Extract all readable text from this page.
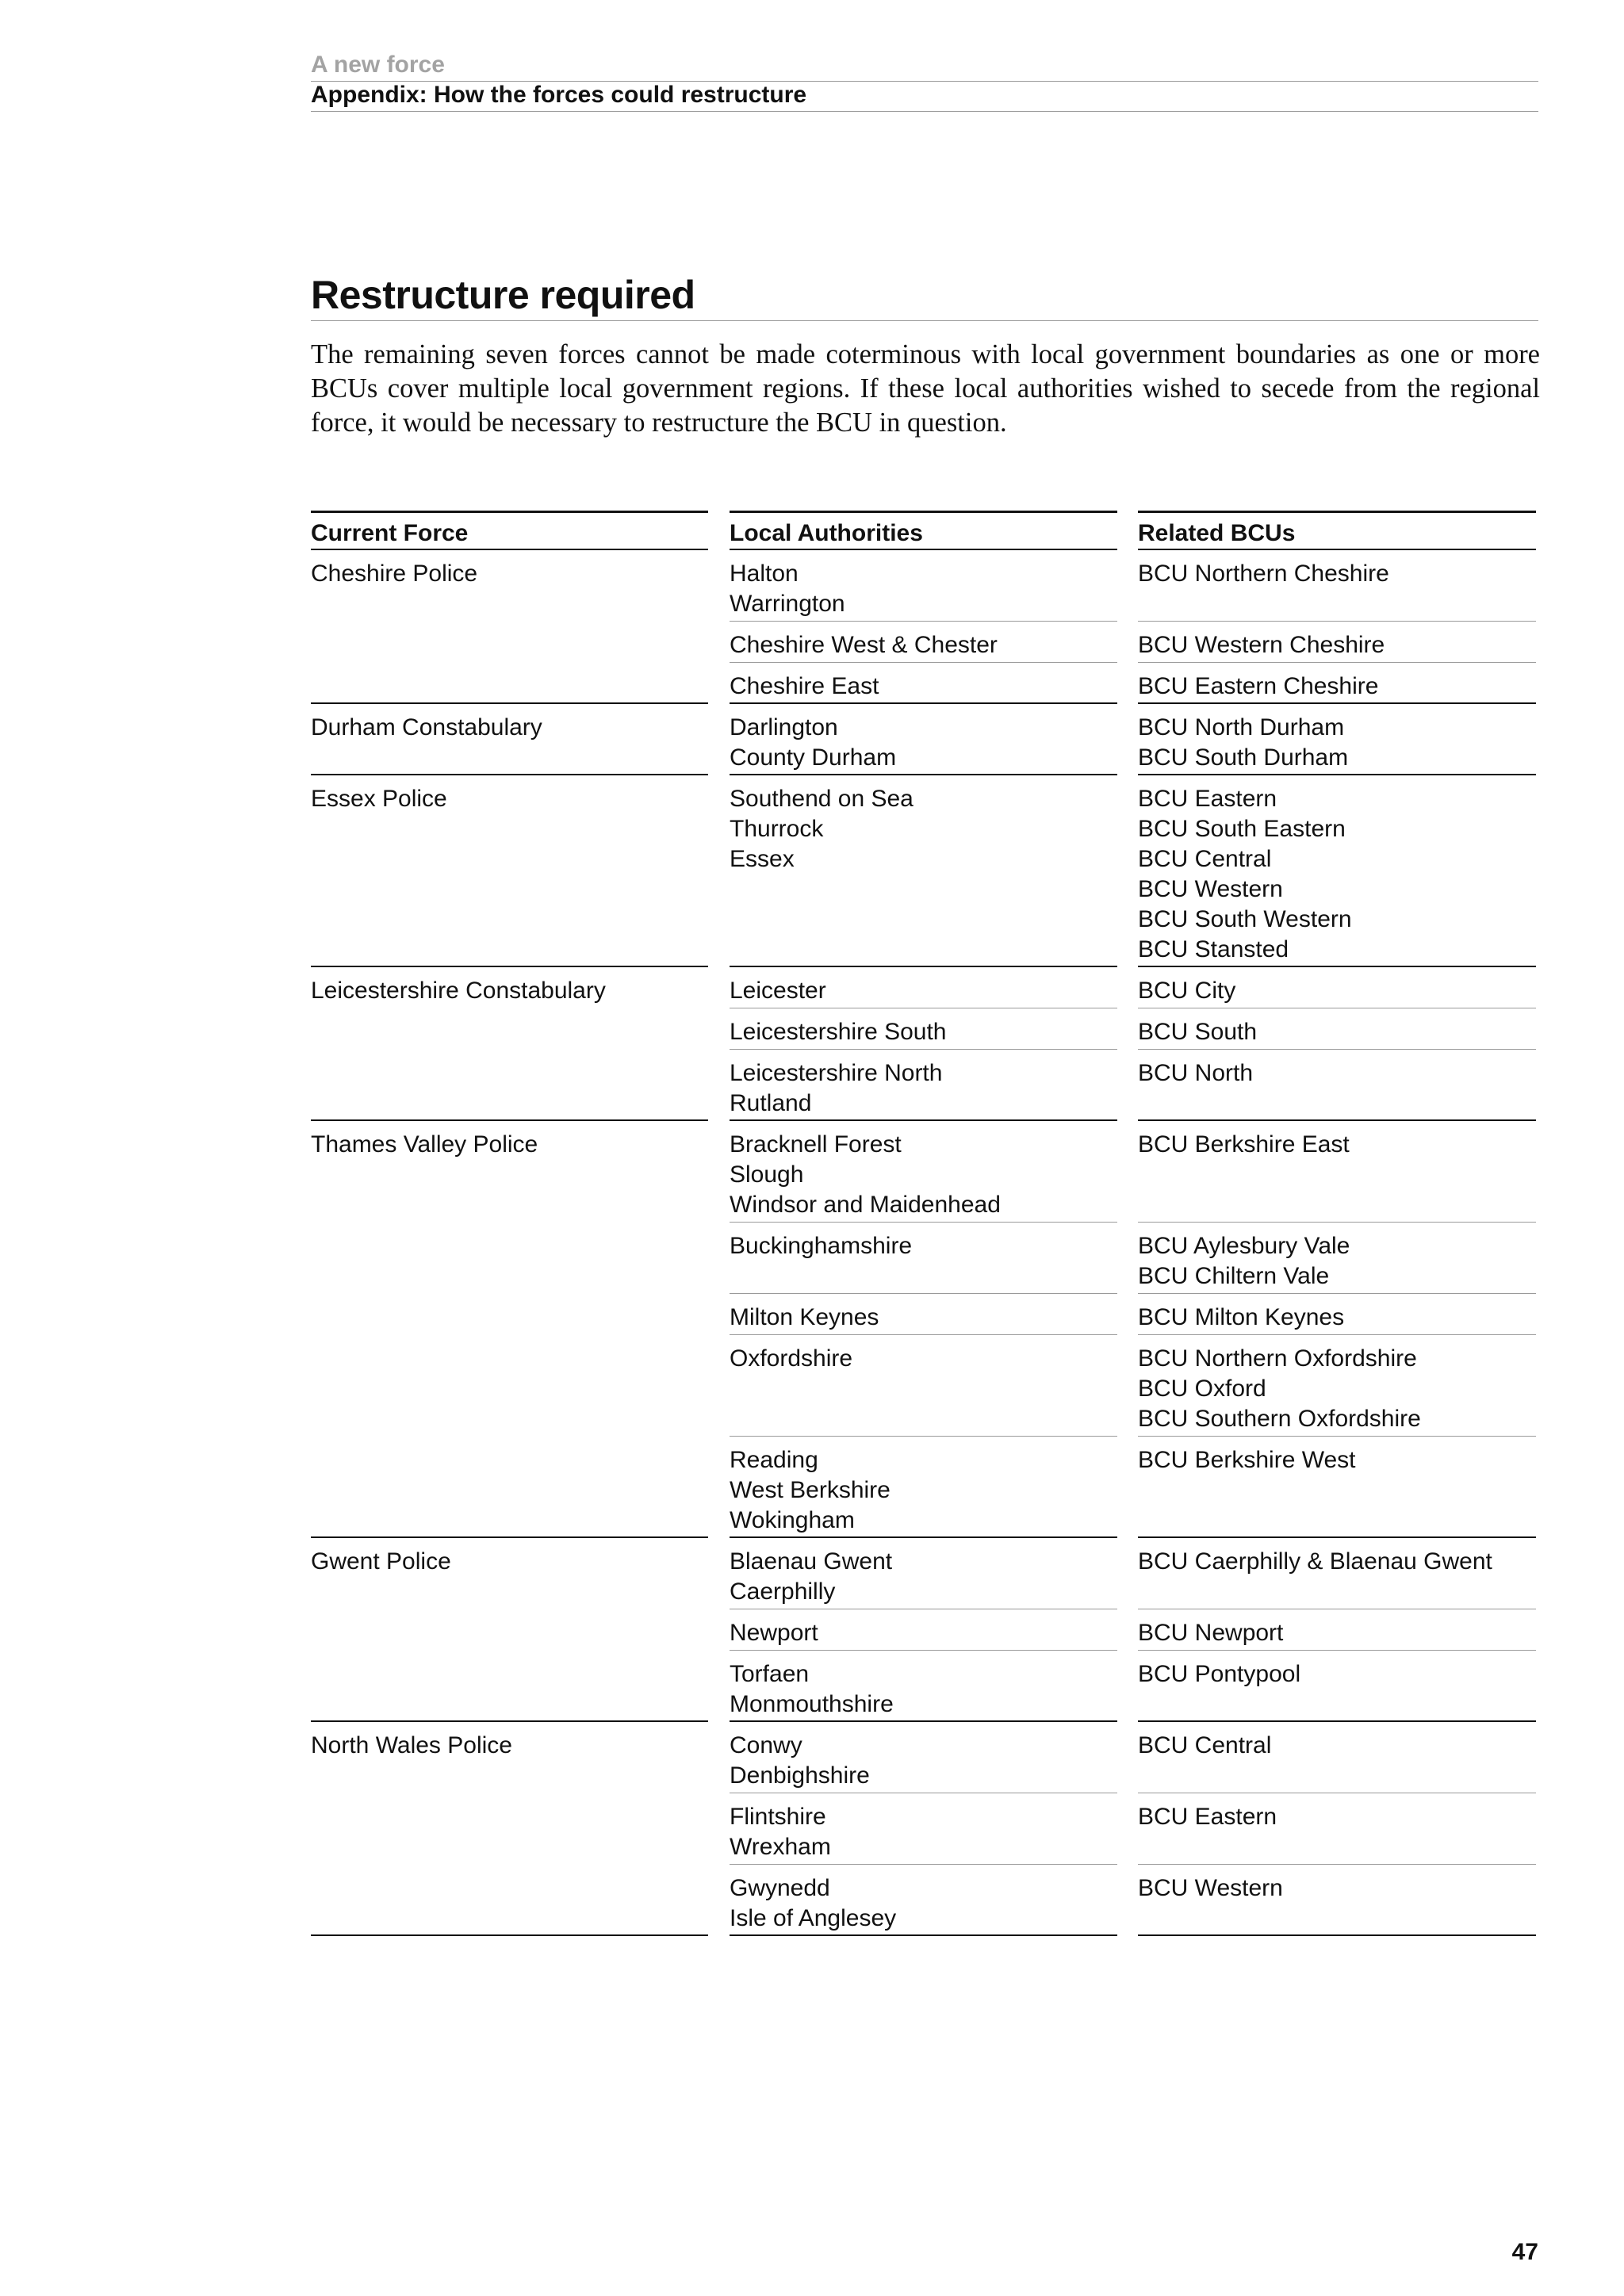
A new force
Appendix: How the forces could restructure
Restructure required

The remaining seven forces cannot be made coterminous with local government boundaries as one or more BCUs cover multiple local government regions. If these local authorities wished to secede from the regional force, it would be necessary to restructure the BCU in question.

Current Force
Cheshire Police
Durham Constabulary
Essex Police
Leicestershire Constabulary
Thames Valley Police
Gwent Police
North Wales Police
Local Authorities
Halton
Warrington
Cheshire West & Chester
Cheshire East
Darlington
County Durham
Southend on Sea
Thurrock
Essex
Leicester
Leicestershire South
Leicestershire North
Rutland
Bracknell Forest
Slough
Windsor and Maidenhead
Buckinghamshire
Milton Keynes
Oxfordshire
Reading
West Berkshire
Wokingham
Blaenau Gwent
Caerphilly
Newport
Torfaen
Monmouthshire
Conwy
Denbighshire
Flintshire
Wrexham
Gwynedd
Isle of Anglesey
Related BCUs
BCU Northern Cheshire
BCU Western Cheshire
BCU Eastern Cheshire
BCU North Durham
BCU South Durham
BCU Eastern
BCU South Eastern
BCU Central
BCU Western
BCU South Western
BCU Stansted
BCU City
BCU South
BCU North
BCU Berkshire East
BCU Aylesbury Vale
BCU Chiltern Vale
BCU Milton Keynes
BCU Northern Oxfordshire
BCU Oxford
BCU Southern Oxfordshire
BCU Berkshire West
BCU Caerphilly & Blaenau Gwent
BCU Newport
BCU Pontypool
BCU Central
BCU Eastern
BCU Western
47
